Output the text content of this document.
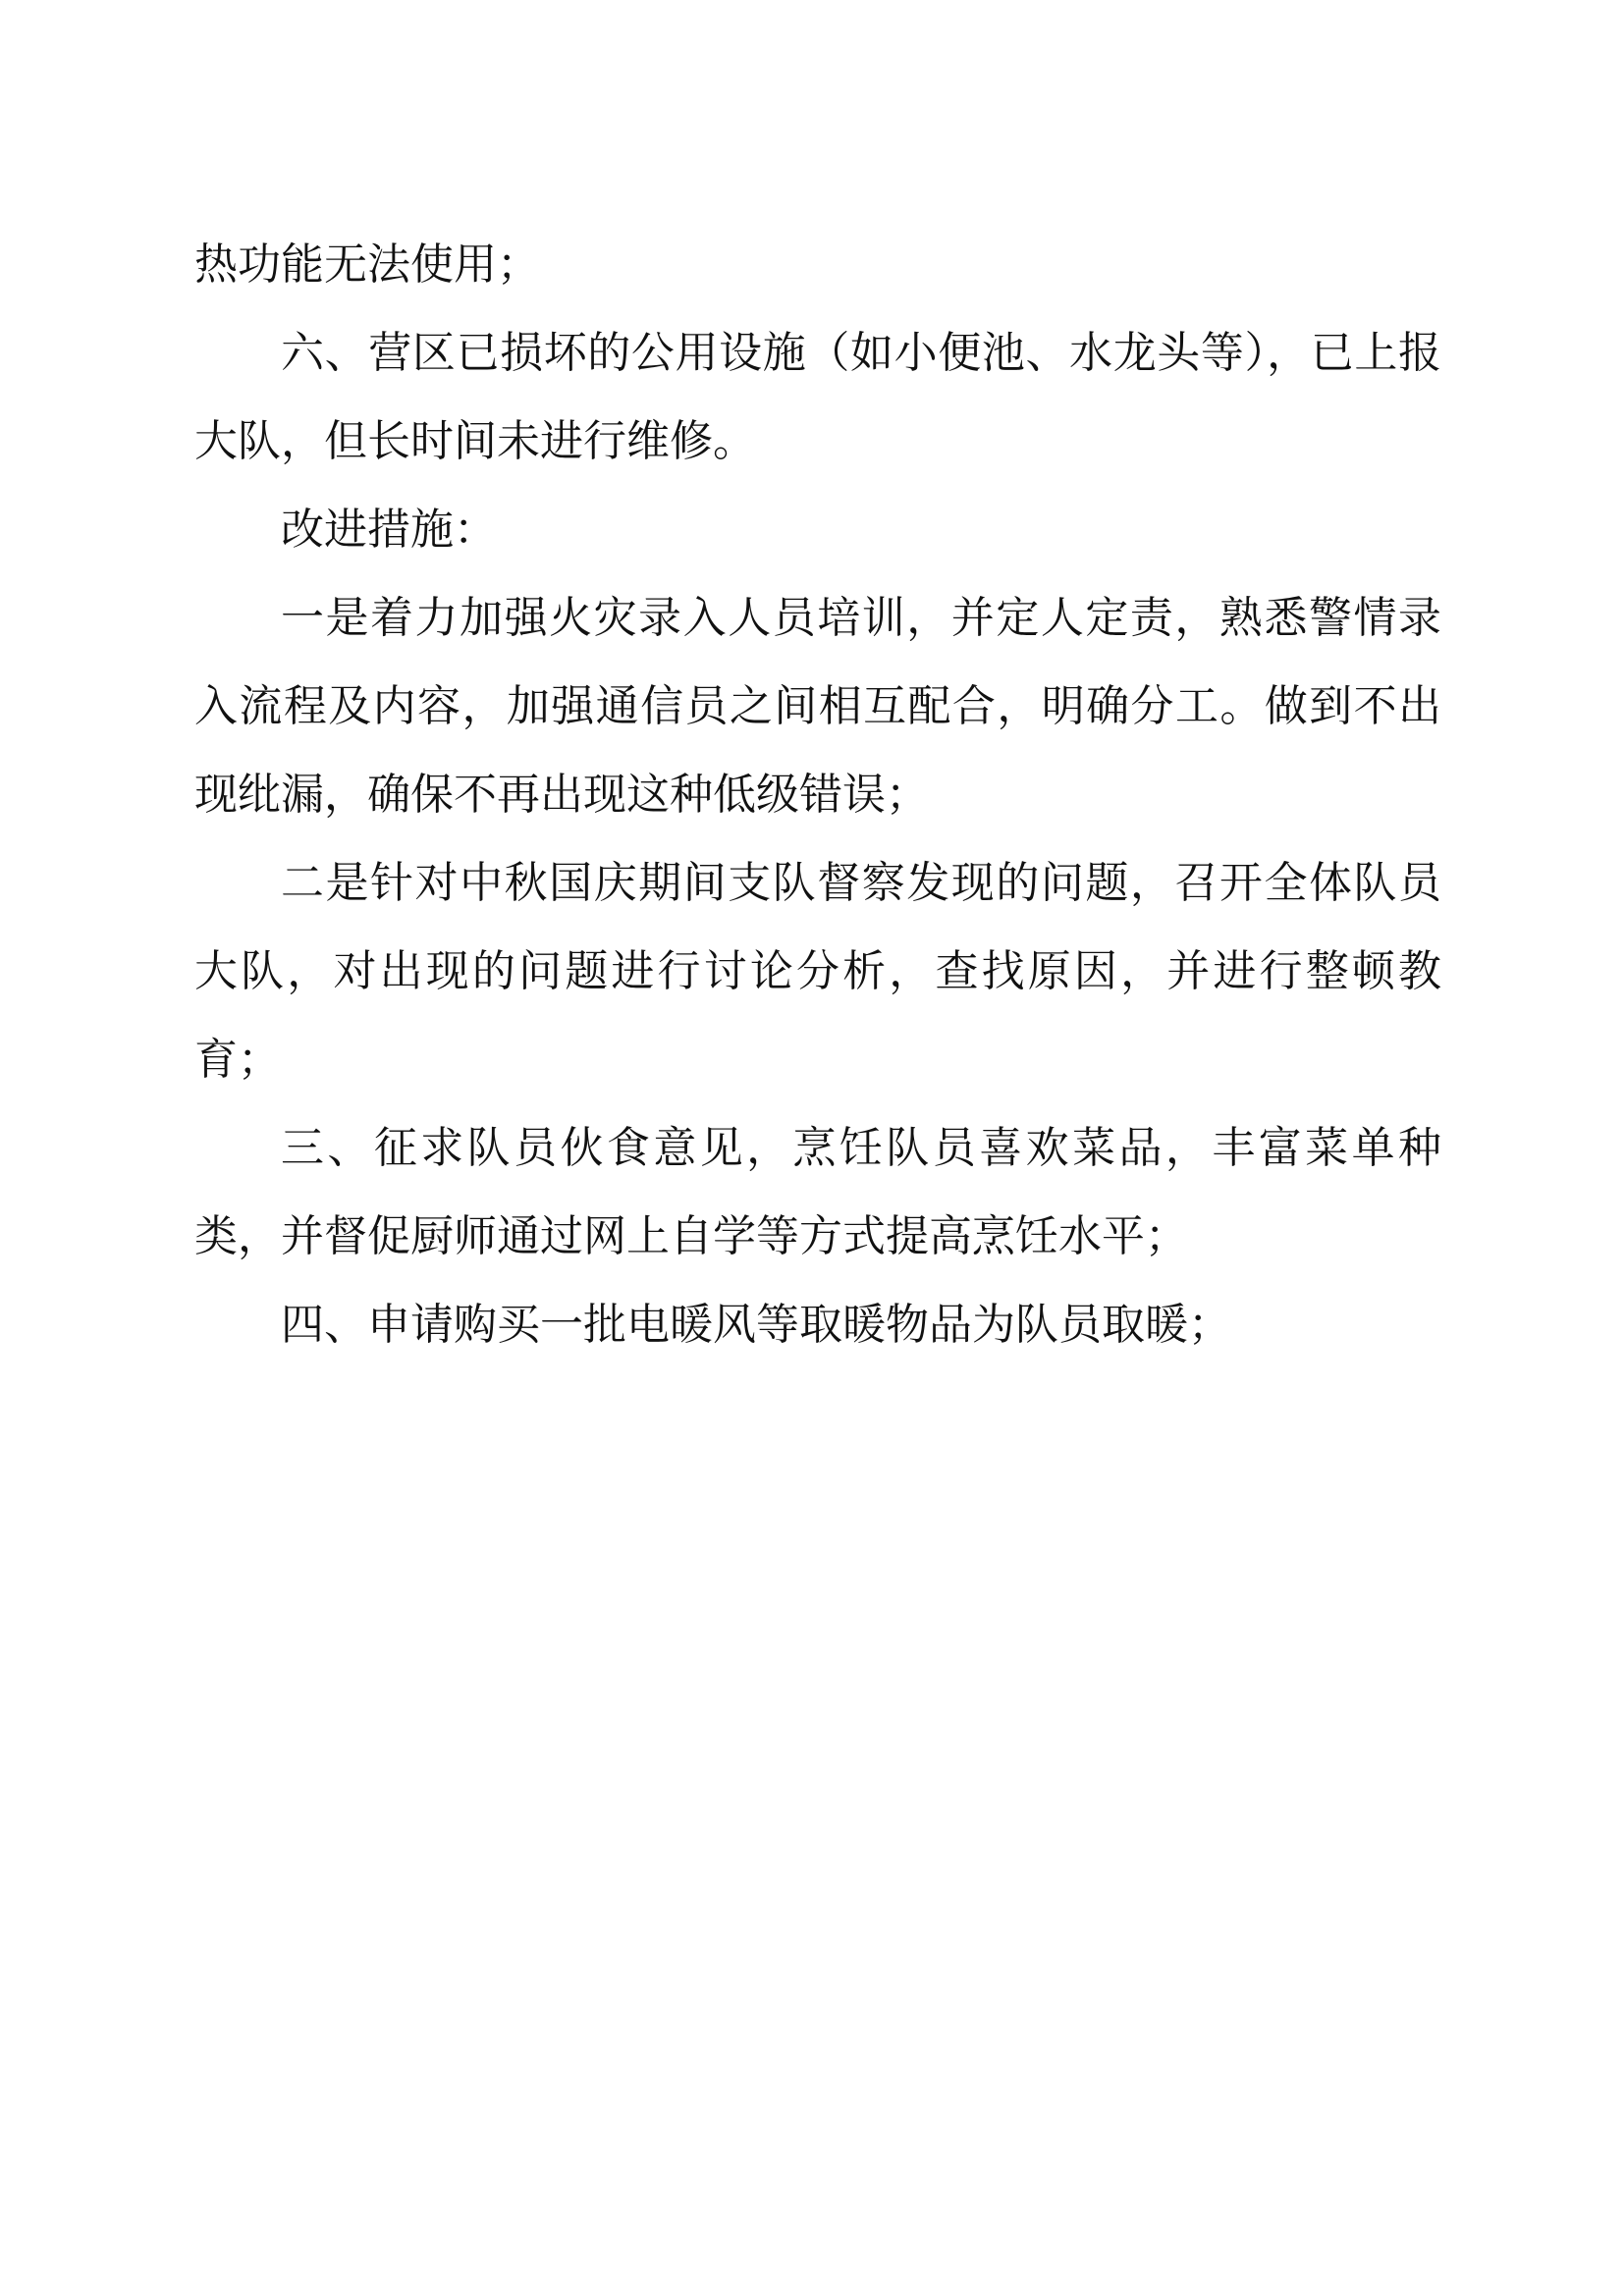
热功能无法使用；

六、营区已损坏的公用设施（如小便池、水龙头等），已上报大队，但长时间未进行维修。

改进措施：

一是着力加强火灾录入人员培训，并定人定责，熟悉警情录入流程及内容，加强通信员之间相互配合，明确分工。做到不出现纰漏，确保不再出现这种低级错误；

二是针对中秋国庆期间支队督察发现的问题，召开全体队员大队，对出现的问题进行讨论分析，查找原因，并进行整顿教育；

三、征求队员伙食意见，烹饪队员喜欢菜品，丰富菜单种类，并督促厨师通过网上自学等方式提高烹饪水平；

四、申请购买一批电暖风等取暖物品为队员取暖；
